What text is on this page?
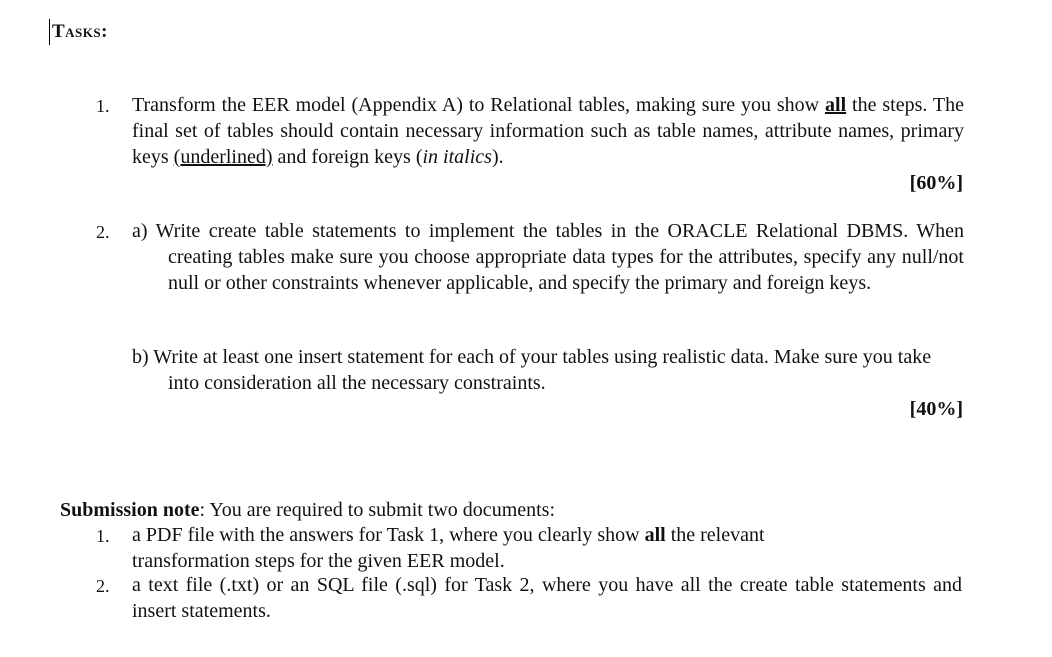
Tasks:
1. Transform the EER model (Appendix A) to Relational tables, making sure you show all the steps. The final set of tables should contain necessary information such as table names, attribute names, primary keys (underlined) and foreign keys (in italics).
[60%]
2. a) Write create table statements to implement the tables in the ORACLE Relational DBMS. When creating tables make sure you choose appropriate data types for the attributes, specify any null/not null or other constraints whenever applicable, and specify the primary and foreign keys.
b) Write at least one insert statement for each of your tables using realistic data. Make sure you take into consideration all the necessary constraints.
[40%]
Submission note: You are required to submit two documents:
1. a PDF file with the answers for Task 1, where you clearly show all the relevant transformation steps for the given EER model.
2. a text file (.txt) or an SQL file (.sql) for Task 2, where you have all the create table statements and insert statements.
